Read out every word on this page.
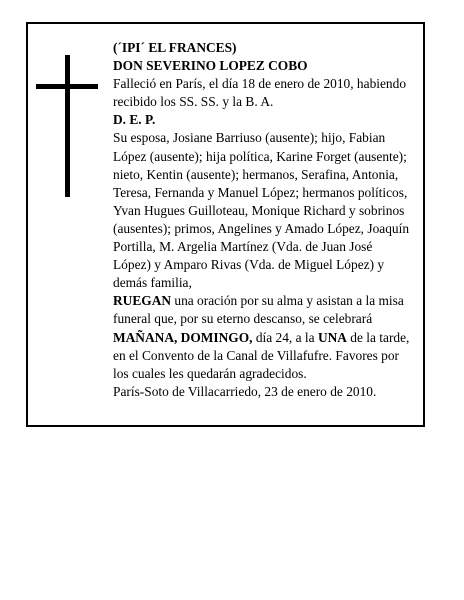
(´IPI´ EL FRANCES)

DON SEVERINO LOPEZ COBO

Falleció en París, el día 18 de enero de 2010, habiendo

recibido los SS. SS. y la B. A.

D. E. P.

Su esposa, Josiane Barriuso (ausente); hijo, Fabian

López (ausente); hija política, Karine Forget (ausente);

nieto, Kentin (ausente); hermanos, Serafina, Antonia,

Teresa, Fernanda y Manuel López; hermanos políticos,

Yvan Hugues Guilloteau, Monique Richard y sobrinos

(ausentes); primos, Angelines y Amado López, Joaquín

Portilla, M. Argelia Martínez (Vda. de Juan José

López) y Amparo Rivas (Vda. de Miguel López) y

demás familia,

RUEGAN una oración por su alma y asistan a la misa

funeral que, por su eterno descanso, se celebrará

MAÑANA, DOMINGO, día 24, a la UNA de la tarde,

en el Convento de la Canal de Villafufre. Favores por

los cuales les quedarán agradecidos.

París-Soto de Villacarriedo, 23 de enero de 2010.
